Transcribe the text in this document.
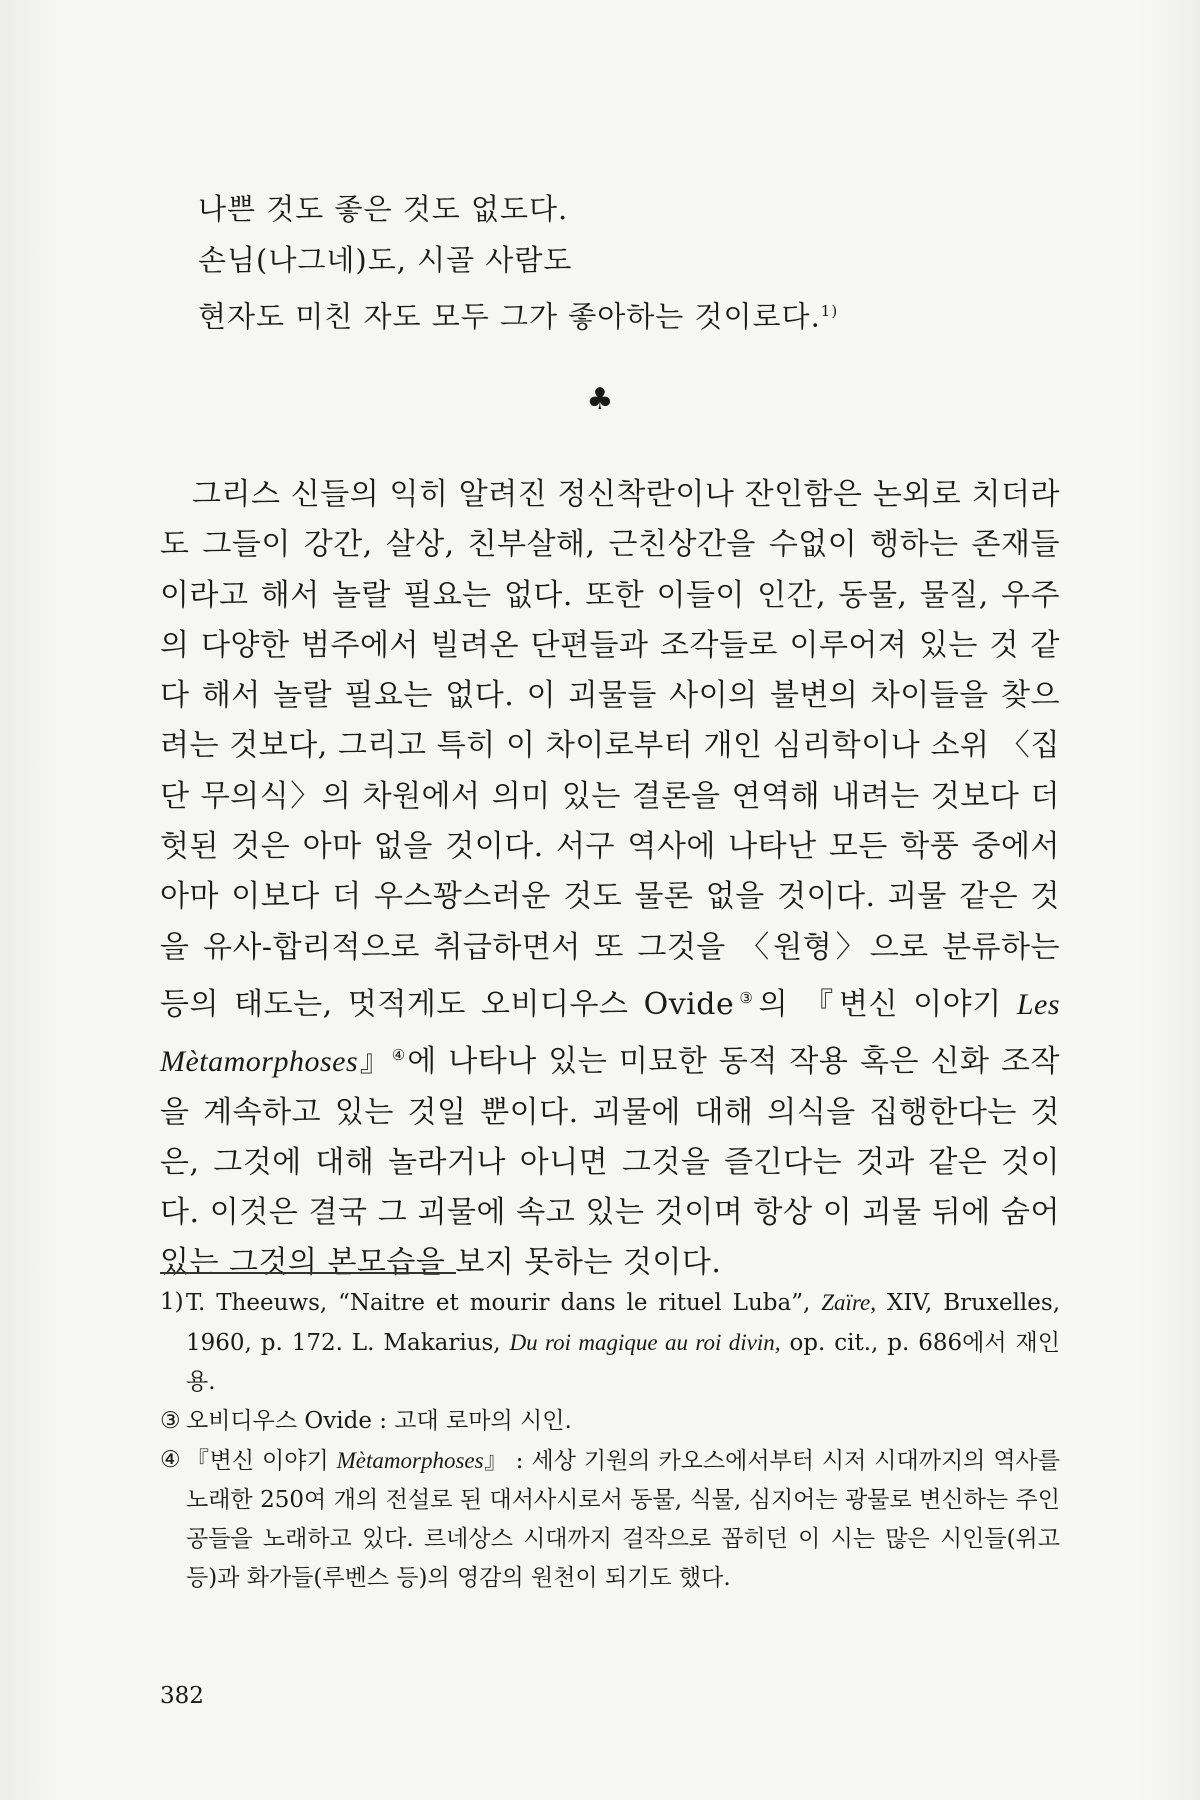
나쁜 것도 좋은 것도 없도다.
손님(나그네)도, 시골 사람도
현자도 미친 자도 모두 그가 좋아하는 것이로다.$^{1)}$
♣

그리스 신들의 익히 알려진 정신착란이나 잔인함은 논외로 치더라도 그들이 강간, 살상, 친부살해, 근친상간을 수없이 행하는 존재들이라고 해서 놀랄 필요는 없다. 또한 이들이 인간, 동물, 물질, 우주의 다양한 범주에서 빌려온 단편들과 조각들로 이루어져 있는 것 같다 해서 놀랄 필요는 없다. 이 괴물들 사이의 불변의 차이들을 찾으려는 것보다, 그리고 특히 이 차이로부터 개인 심리학이나 소위 〈집단 무의식〉의 차원에서 의미 있는 결론을 연역해 내려는 것보다 더 헛된 것은 아마 없을 것이다. 서구 역사에 나타난 모든 학풍 중에서 아마 이보다 더 우스꽝스러운 것도 물론 없을 것이다. 괴물 같은 것을 유사-합리적으로 취급하면서 또 그것을 〈원형〉으로 분류하는 등의 태도는, 멋적게도 오비디우스 Ovide③의 『변신 이야기 Les Mètamorphoses』④에 나타나 있는 미묘한 동적 작용 혹은 신화 조작을 계속하고 있는 것일 뿐이다. 괴물에 대해 의식을 집행한다는 것은, 그것에 대해 놀라거나 아니면 그것을 즐긴다는 것과 같은 것이다. 이것은 결국 그 괴물에 속고 있는 것이며 항상 이 괴물 뒤에 숨어 있는 그것의 본모습을 보지 못하는 것이다.

1) T. Theeuws, “Naitre et mourir dans le rituel Luba”, Zaïre, XIV, Bruxelles, 1960, p. 172. L. Makarius, Du roi magique au roi divin, op. cit., p. 686에서 재인용.
③ 오비디우스 Ovide : 고대 로마의 시인.
④ 『변신 이야기 Mètamorphoses』 : 세상 기원의 카오스에서부터 시저 시대까지의 역사를 노래한 250여 개의 전설로 된 대서사시로서 동물, 식물, 심지어는 광물로 변신하는 주인공들을 노래하고 있다. 르네상스 시대까지 걸작으로 꼽히던 이 시는 많은 시인들(위고 등)과 화가들(루벤스 등)의 영감의 원천이 되기도 했다.
382
